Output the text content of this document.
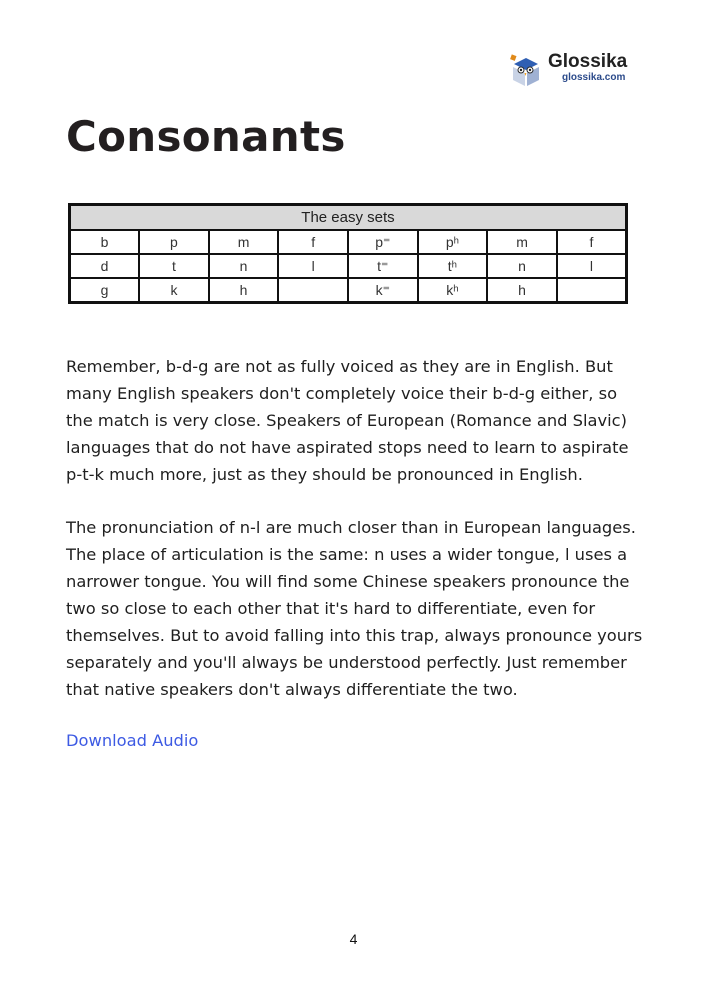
Glossika
glossika.com
Consonants
The easy sets							
b	p	m	f	p⁼	pʰ	m	f
d	t	n	l	t⁼	tʰ	n	l
g	k	h		k⁼	kʰ	h	

Remember, b-d-g are not as fully voiced as they are in English. But many English speakers don't completely voice their b-d-g either, so the match is very close. Speakers of European (Romance and Slavic) languages that do not have aspirated stops need to learn to aspirate p-t-k much more, just as they should be pronounced in English.

The pronunciation of n-l are much closer than in European languages. The place of articulation is the same: n uses a wider tongue, l uses a narrower tongue. You will find some Chinese speakers pronounce the two so close to each other that it's hard to differentiate, even for themselves. But to avoid falling into this trap, always pronounce yours separately and you'll always be understood perfectly. Just remember that native speakers don't always differentiate the two.

Download Audio
4
